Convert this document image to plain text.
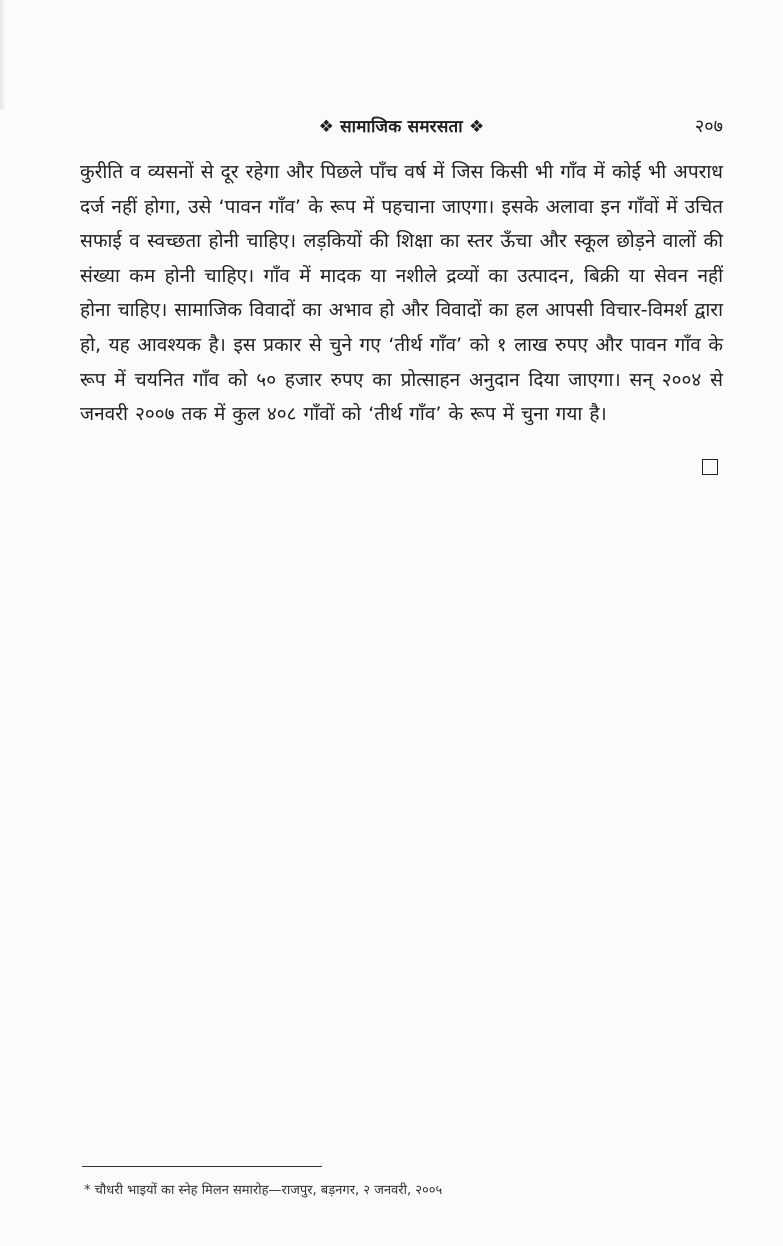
❖ सामाजिक समरसता ❖	२०७

कुरीति व व्यसनों से दूर रहेगा और पिछले पाँच वर्ष में जिस किसी भी गाँव में कोई भी अपराध दर्ज नहीं होगा, उसे ‘पावन गाँव’ के रूप में पहचाना जाएगा। इसके अलावा इन गाँवों में उचित सफाई व स्वच्छता होनी चाहिए। लड़कियों की शिक्षा का स्तर ऊँचा और स्कूल छोड़ने वालों की संख्या कम होनी चाहिए। गाँव में मादक या नशीले द्रव्यों का उत्पादन, बिक्री या सेवन नहीं होना चाहिए। सामाजिक विवादों का अभाव हो और विवादों का हल आपसी विचार-विमर्श द्वारा हो, यह आवश्यक है। इस प्रकार से चुने गए ‘तीर्थ गाँव’ को १ लाख रुपए और पावन गाँव के रूप में चयनित गाँव को ५० हजार रुपए का प्रोत्साहन अनुदान दिया जाएगा। सन् २००४ से जनवरी २००७ तक में कुल ४०८ गाँवों को ‘तीर्थ गाँव’ के रूप में चुना गया है।

* चौधरी भाइयों का स्नेह मिलन समारोह—राजपुर, बड़नगर, २ जनवरी, २००५
